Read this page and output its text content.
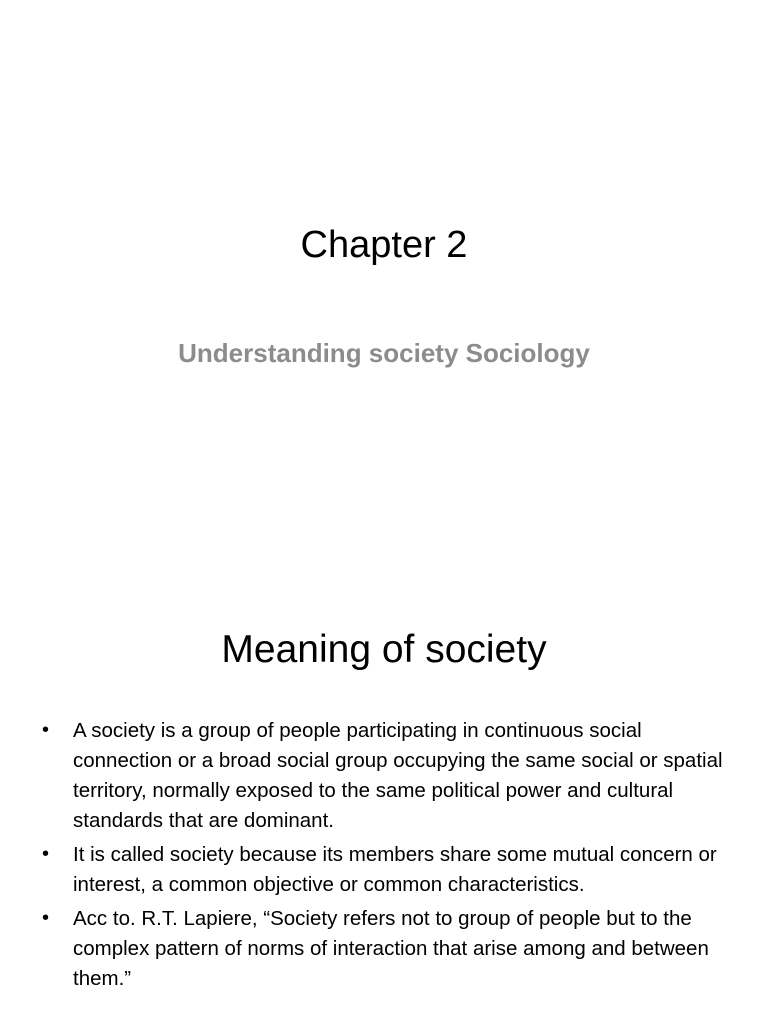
Chapter 2
Understanding society Sociology
Meaning of society
• A society is a group of people participating in continuous social connection or a broad social group occupying the same social or spatial territory, normally exposed to the same political power and cultural standards that are dominant.
• It is called society because its members share some mutual concern or interest, a common objective or common characteristics.
• Acc to. R.T. Lapiere, “Society refers not to group of people but to the complex pattern of norms of interaction that arise among and between them.”
